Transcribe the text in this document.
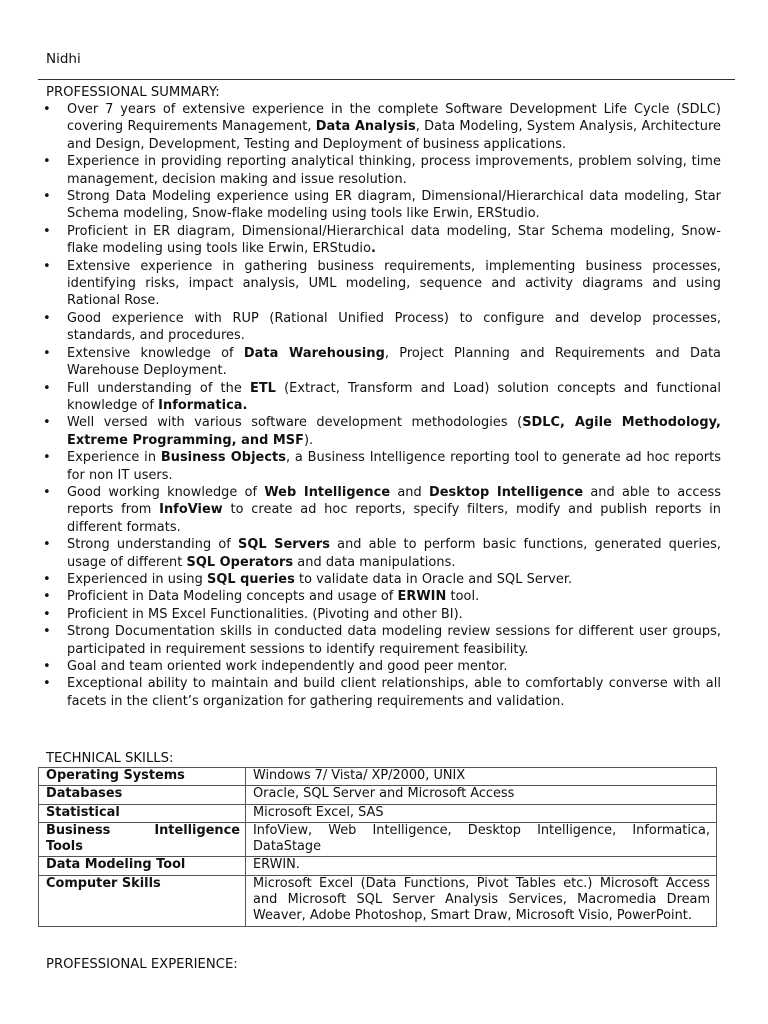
Nidhi
PROFESSIONAL SUMMARY:
• Over 7 years of extensive experience in the complete Software Development Life Cycle (SDLC) covering Requirements Management, Data Analysis, Data Modeling, System Analysis, Architecture and Design, Development, Testing and Deployment of business applications.
• Experience in providing reporting analytical thinking, process improvements, problem solving, time management, decision making and issue resolution.
• Strong Data Modeling experience using ER diagram, Dimensional/Hierarchical data modeling, Star Schema modeling, Snow-flake modeling using tools like Erwin, ERStudio.
• Proficient in ER diagram, Dimensional/Hierarchical data modeling, Star Schema modeling, Snow-flake modeling using tools like Erwin, ERStudio.
• Extensive experience in gathering business requirements, implementing business processes, identifying risks, impact analysis, UML modeling, sequence and activity diagrams and using Rational Rose.
• Good experience with RUP (Rational Unified Process) to configure and develop processes, standards, and procedures.
• Extensive knowledge of Data Warehousing, Project Planning and Requirements and Data Warehouse Deployment.
• Full understanding of the ETL (Extract, Transform and Load) solution concepts and functional knowledge of Informatica.
• Well versed with various software development methodologies (SDLC, Agile Methodology, Extreme Programming, and MSF).
• Experience in Business Objects, a Business Intelligence reporting tool to generate ad hoc reports for non IT users.
• Good working knowledge of Web Intelligence and Desktop Intelligence and able to access reports from InfoView to create ad hoc reports, specify filters, modify and publish reports in different formats.
• Strong understanding of SQL Servers and able to perform basic functions, generated queries, usage of different SQL Operators and data manipulations.
• Experienced in using SQL queries to validate data in Oracle and SQL Server.
• Proficient in Data Modeling concepts and usage of ERWIN tool.
• Proficient in MS Excel Functionalities. (Pivoting and other BI).
• Strong Documentation skills in conducted data modeling review sessions for different user groups, participated in requirement sessions to identify requirement feasibility.
• Goal and team oriented work independently and good peer mentor.
• Exceptional ability to maintain and build client relationships, able to comfortably converse with all facets in the client’s organization for gathering requirements and validation.
TECHNICAL SKILLS:
Operating Systems	Windows 7/ Vista/ XP/2000, UNIX
Databases	Oracle, SQL Server and Microsoft Access
Statistical	Microsoft Excel, SAS
Business Intelligence Tools	InfoView, Web Intelligence, Desktop Intelligence, Informatica, DataStage
Data Modeling Tool	ERWIN.
Computer Skills	Microsoft Excel (Data Functions, Pivot Tables etc.) Microsoft Access and Microsoft SQL Server Analysis Services, Macromedia Dream Weaver, Adobe Photoshop, Smart Draw, Microsoft Visio, PowerPoint.
PROFESSIONAL EXPERIENCE:
